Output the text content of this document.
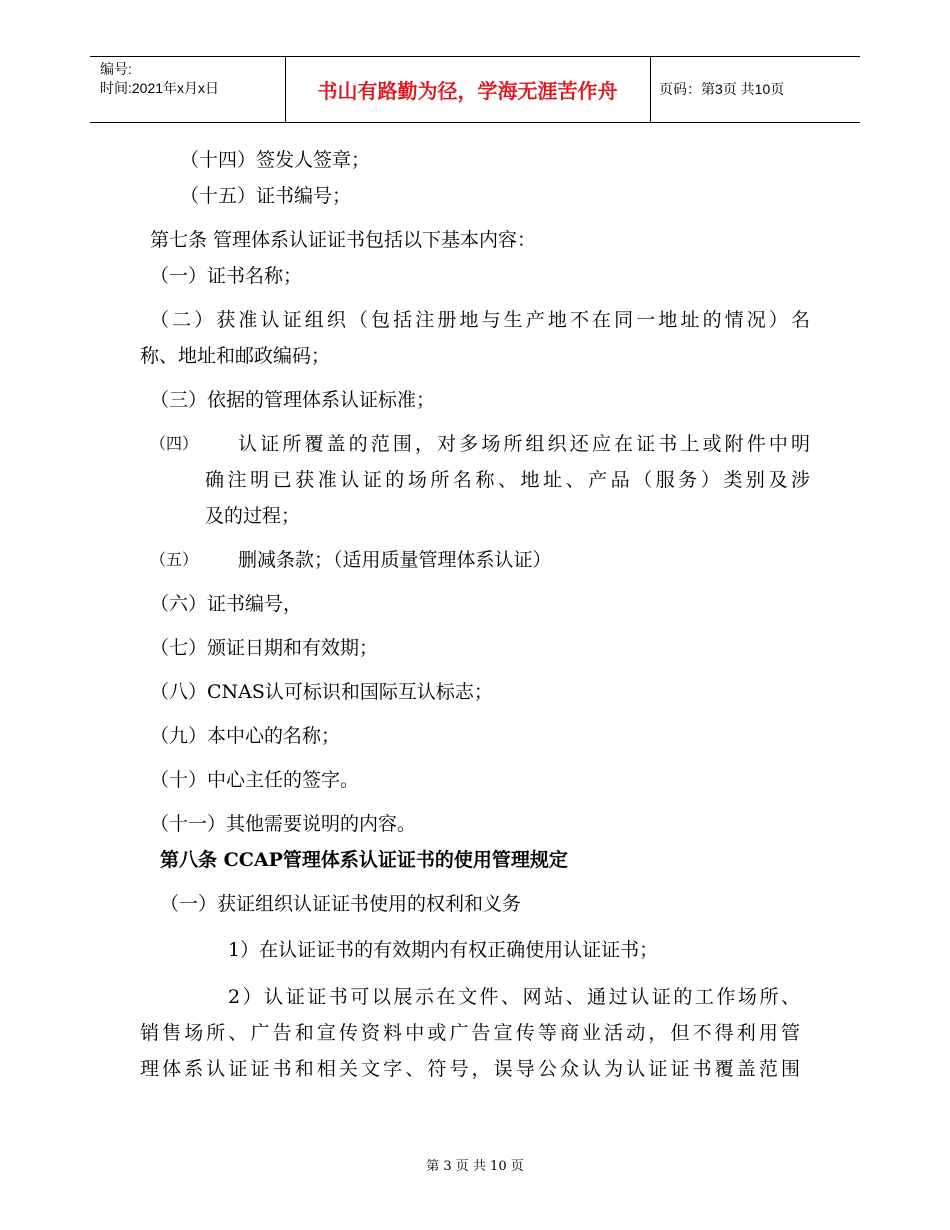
编号:
时间:2021年x月x日	书山有路勤为径，学海无涯苦作舟	页码：第3页 共10页
（十四）签发人签章；
（十五）证书编号；
第七条 管理体系认证证书包括以下基本内容：
（一）证书名称；
（二）获准认证组织（包括注册地与生产地不在同一地址的情况）名
称、地址和邮政编码；
（三）依据的管理体系认证标准；
（四） 认证所覆盖的范围，对多场所组织还应在证书上或附件中明
确注明已获准认证的场所名称、地址、产品（服务）类别及涉
及的过程；
（五） 删减条款；（适用质量管理体系认证）
（六）证书编号，
（七）颁证日期和有效期；
（八）CNAS认可标识和国际互认标志；
（九）本中心的名称；
（十）中心主任的签字。
（十一）其他需要说明的内容。
第八条 CCAP管理体系认证证书的使用管理规定
（一）获证组织认证证书使用的权利和义务
1）在认证证书的有效期内有权正确使用认证证书；
2）认证证书可以展示在文件、网站、通过认证的工作场所、
销售场所、广告和宣传资料中或广告宣传等商业活动，但不得利用管
理体系认证证书和相关文字、符号，误导公众认为认证证书覆盖范围
第 3 页 共 10 页
